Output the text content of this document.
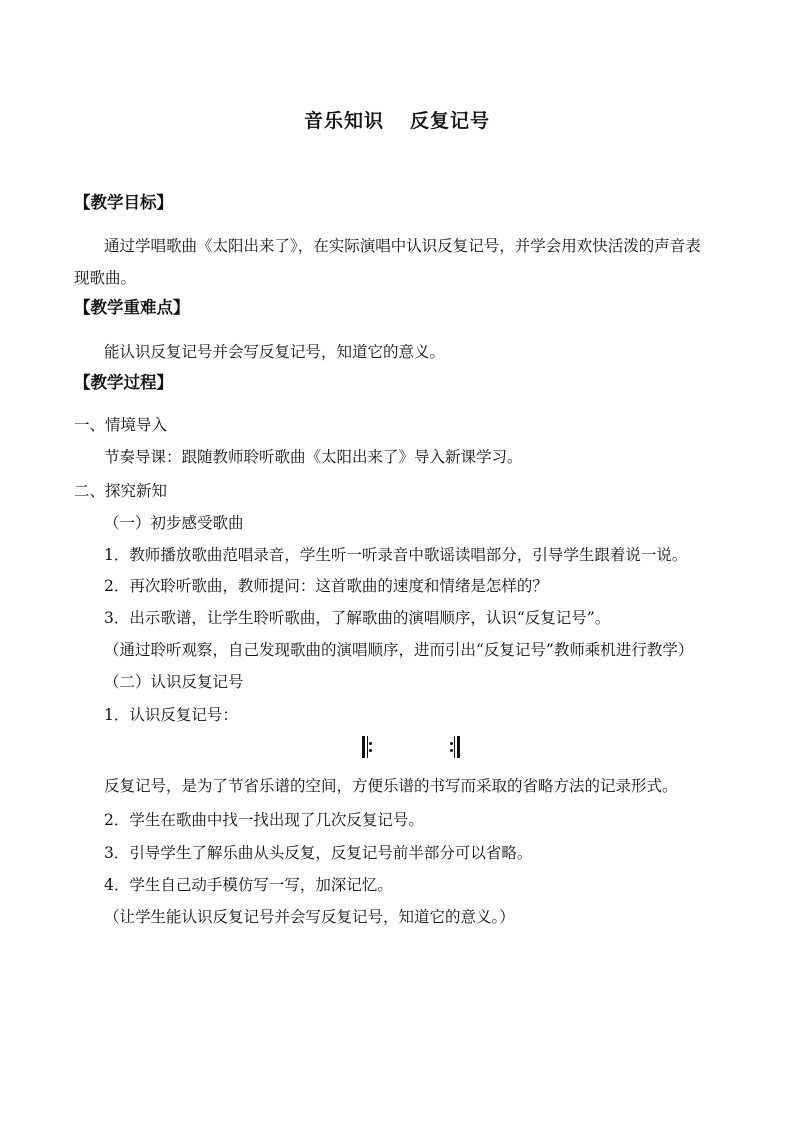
音乐知识 反复记号
【教学目标】
通过学唱歌曲《太阳出来了》，在实际演唱中认识反复记号，并学会用欢快活泼的声音表
现歌曲。
【教学重难点】
能认识反复记号并会写反复记号，知道它的意义。
【教学过程】
一、情境导入
节奏导课：跟随教师聆听歌曲《太阳出来了》导入新课学习。
二、探究新知
（一）初步感受歌曲
1．教师播放歌曲范唱录音，学生听一听录音中歌谣读唱部分，引导学生跟着说一说。
2．再次聆听歌曲，教师提问：这首歌曲的速度和情绪是怎样的？
3．出示歌谱，让学生聆听歌曲，了解歌曲的演唱顺序，认识“反复记号”。
（通过聆听观察，自己发现歌曲的演唱顺序，进而引出“反复记号”教师乘机进行教学）
（二）认识反复记号
1．认识反复记号：
反复记号，是为了节省乐谱的空间，方便乐谱的书写而采取的省略方法的记录形式。
2．学生在歌曲中找一找出现了几次反复记号。
3．引导学生了解乐曲从头反复，反复记号前半部分可以省略。
4．学生自己动手模仿写一写，加深记忆。
（让学生能认识反复记号并会写反复记号，知道它的意义。）
